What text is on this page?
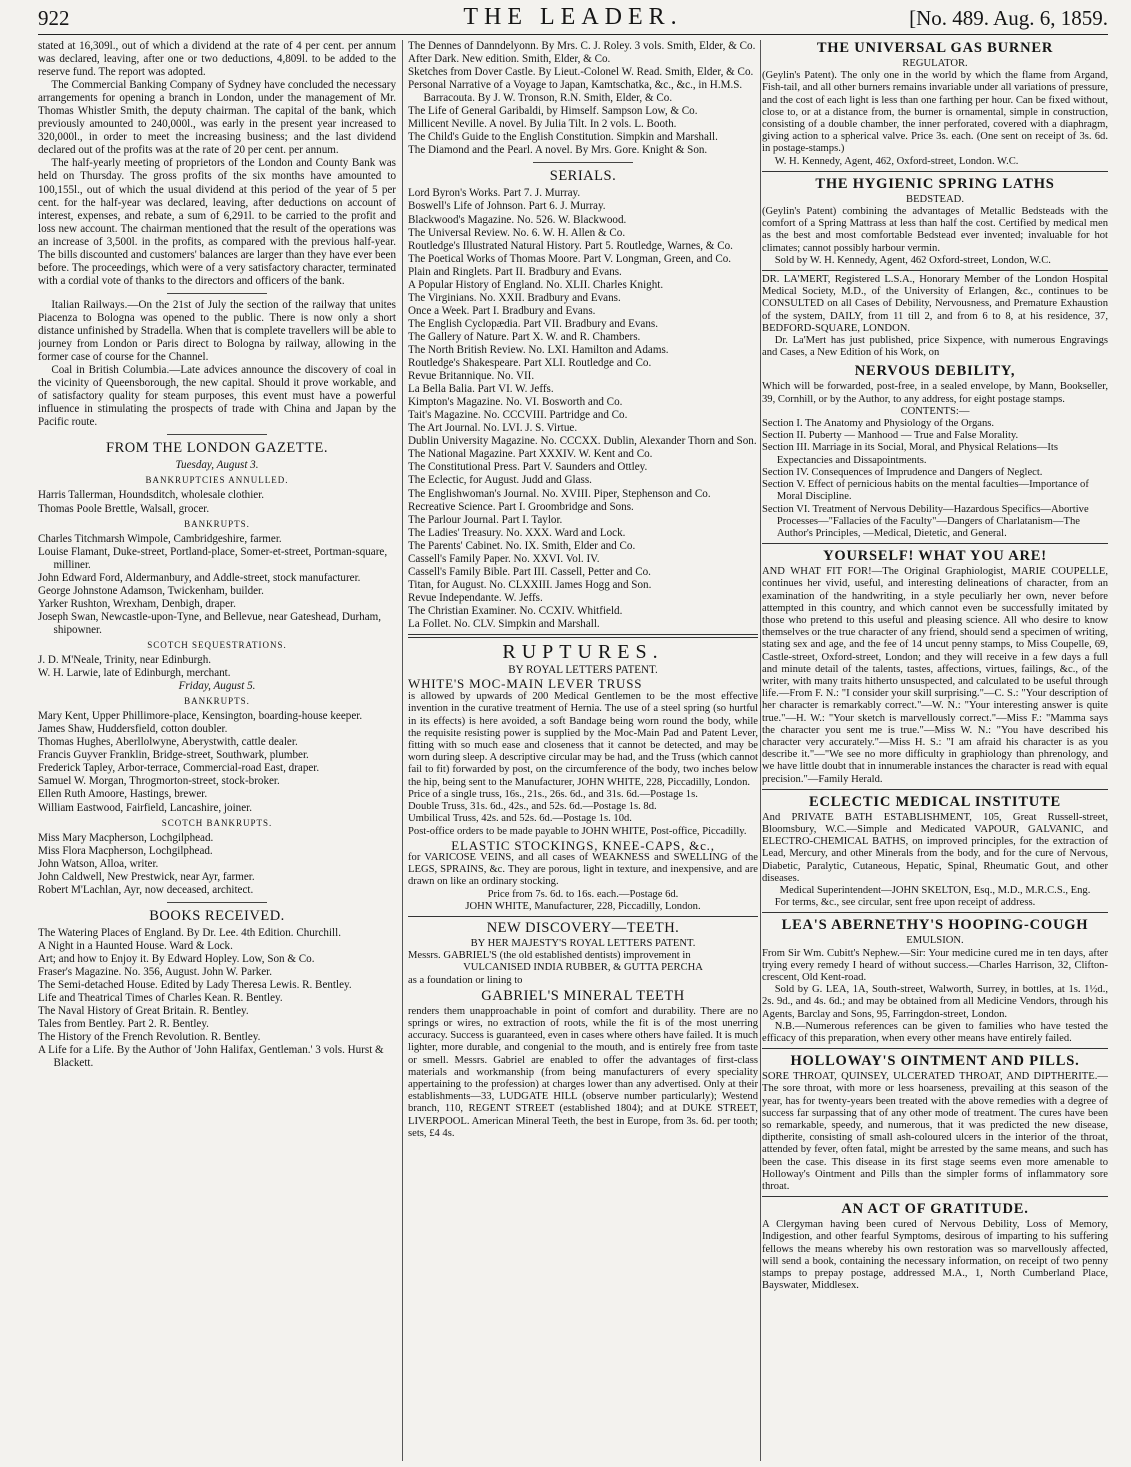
922	THE LEADER.	[No. 489. Aug. 6, 1859.

stated at 16,309l., out of which a dividend at the rate of 4 per cent. per annum was declared, leaving, after one or two deductions, 4,809l. to be added to the reserve fund. The report was adopted.

The Commercial Banking Company of Sydney have concluded the necessary arrangements for opening a branch in London, under the management of Mr. Thomas Whistler Smith, the deputy chairman. The capital of the bank, which previously amounted to 240,000l., was early in the present year increased to 320,000l., in order to meet the increasing business; and the last dividend declared out of the profits was at the rate of 20 per cent. per annum.

The half-yearly meeting of proprietors of the London and County Bank was held on Thursday. The gross profits of the six months have amounted to 100,155l., out of which the usual dividend at this period of the year of 5 per cent. for the half-year was declared, leaving, after deductions on account of interest, expenses, and rebate, a sum of 6,291l. to be carried to the profit and loss new account. The chairman mentioned that the result of the operations was an increase of 3,500l. in the profits, as compared with the previous half-year. The bills discounted and customers' balances are larger than they have ever been before. The proceedings, which were of a very satisfactory character, terminated with a cordial vote of thanks to the directors and officers of the bank.

Italian Railways.—On the 21st of July the section of the railway that unites Piacenza to Bologna was opened to the public. There is now only a short distance unfinished by Stradella. When that is complete travellers will be able to journey from London or Paris direct to Bologna by railway, allowing in the former case of course for the Channel.

Coal in British Columbia.—Late advices announce the discovery of coal in the vicinity of Queensborough, the new capital. Should it prove workable, and of satisfactory quality for steam purposes, this event must have a powerful influence in stimulating the prospects of trade with China and Japan by the Pacific route.

FROM THE LONDON GAZETTE.

Tuesday, August 3.

BANKRUPTCIES ANNULLED.

Harris Tallerman, Houndsditch, wholesale clothier.

Thomas Poole Brettle, Walsall, grocer.

BANKRUPTS.

Charles Titchmarsh Wimpole, Cambridgeshire, farmer.

Louise Flamant, Duke-street, Portland-place, Somer-et-street, Portman-square, milliner.

John Edward Ford, Aldermanbury, and Addle-street, stock manufacturer.

George Johnstone Adamson, Twickenham, builder.

Yarker Rushton, Wrexham, Denbigh, draper.

Joseph Swan, Newcastle-upon-Tyne, and Bellevue, near Gateshead, Durham, shipowner.

SCOTCH SEQUESTRATIONS.

J. D. M'Neale, Trinity, near Edinburgh.

W. H. Larwie, late of Edinburgh, merchant.

Friday, August 5.

BANKRUPTS.

Mary Kent, Upper Phillimore-place, Kensington, boarding-house keeper.

James Shaw, Huddersfield, cotton doubler.

Thomas Hughes, Aberllolwyne, Aberystwith, cattle dealer.

Francis Guyver Franklin, Bridge-street, Southwark, plumber.

Frederick Tapley, Arbor-terrace, Commercial-road East, draper.

Samuel W. Morgan, Throgmorton-street, stock-broker.

Ellen Ruth Amoore, Hastings, brewer.

William Eastwood, Fairfield, Lancashire, joiner.

SCOTCH BANKRUPTS.

Miss Mary Macpherson, Lochgilphead.

Miss Flora Macpherson, Lochgilphead.

John Watson, Alloa, writer.

John Caldwell, New Prestwick, near Ayr, farmer.

Robert M'Lachlan, Ayr, now deceased, architect.

BOOKS RECEIVED.

The Watering Places of England. By Dr. Lee. 4th Edition. Churchill.

A Night in a Haunted House. Ward & Lock.

Art; and how to Enjoy it. By Edward Hopley. Low, Son & Co.

Fraser's Magazine. No. 356, August. John W. Parker.

The Semi-detached House. Edited by Lady Theresa Lewis. R. Bentley.

Life and Theatrical Times of Charles Kean. R. Bentley.

The Naval History of Great Britain. R. Bentley.

Tales from Bentley. Part 2. R. Bentley.

The History of the French Revolution. R. Bentley.

A Life for a Life. By the Author of 'John Halifax, Gentleman.' 3 vols. Hurst & Blackett.

The Dennes of Danndelyonn. By Mrs. C. J. Roley. 3 vols. Smith, Elder, & Co.

After Dark. New edition. Smith, Elder, & Co.

Sketches from Dover Castle. By Lieut.-Colonel W. Read. Smith, Elder, & Co.

Personal Narrative of a Voyage to Japan, Kamtschatka, &c., &c., in H.M.S. Barracouta. By J. W. Tronson, R.N. Smith, Elder, & Co.

The Life of General Garibaldi, by Himself. Sampson Low, & Co.

Millicent Neville. A novel. By Julia Tilt. In 2 vols. L. Booth.

The Child's Guide to the English Constitution. Simpkin and Marshall.

The Diamond and the Pearl. A novel. By Mrs. Gore. Knight & Son.

SERIALS.

Lord Byron's Works. Part 7. J. Murray.

Boswell's Life of Johnson. Part 6. J. Murray.

Blackwood's Magazine. No. 526. W. Blackwood.

The Universal Review. No. 6. W. H. Allen & Co.

Routledge's Illustrated Natural History. Part 5. Routledge, Warnes, & Co.

The Poetical Works of Thomas Moore. Part V. Longman, Green, and Co.

Plain and Ringlets. Part II. Bradbury and Evans.

A Popular History of England. No. XLII. Charles Knight.

The Virginians. No. XXII. Bradbury and Evans.

Once a Week. Part I. Bradbury and Evans.

The English Cyclopædia. Part VII. Bradbury and Evans.

The Gallery of Nature. Part X. W. and R. Chambers.

The North British Review. No. LXI. Hamilton and Adams.

Routledge's Shakespeare. Part XLI. Routledge and Co.

Revue Britannique. No. VII.

La Bella Balia. Part VI. W. Jeffs.

Kimpton's Magazine. No. VI. Bosworth and Co.

Tait's Magazine. No. CCCVIII. Partridge and Co.

The Art Journal. No. LVI. J. S. Virtue.

Dublin University Magazine. No. CCCXX. Dublin, Alexander Thorn and Son.

The National Magazine. Part XXXIV. W. Kent and Co.

The Constitutional Press. Part V. Saunders and Ottley.

The Eclectic, for August. Judd and Glass.

The Englishwoman's Journal. No. XVIII. Piper, Stephenson and Co.

Recreative Science. Part I. Groombridge and Sons.

The Parlour Journal. Part I. Taylor.

The Ladies' Treasury. No. XXX. Ward and Lock.

The Parents' Cabinet. No. IX. Smith, Elder and Co.

Cassell's Family Paper. No. XXVI. Vol. IV.

Cassell's Family Bible. Part III. Cassell, Petter and Co.

Titan, for August. No. CLXXIII. James Hogg and Son.

Revue Independante. W. Jeffs.

The Christian Examiner. No. CCXIV. Whitfield.

La Follet. No. CLV. Simpkin and Marshall.

RUPTURES.

BY ROYAL LETTERS PATENT.

WHITE'S MOC-MAIN LEVER TRUSS

is allowed by upwards of 200 Medical Gentlemen to be the most effective invention in the curative treatment of Hernia. The use of a steel spring (so hurtful in its effects) is here avoided, a soft Bandage being worn round the body, while the requisite resisting power is supplied by the Moc-Main Pad and Patent Lever, fitting with so much ease and closeness that it cannot be detected, and may be worn during sleep. A descriptive circular may be had, and the Truss (which cannot fail to fit) forwarded by post, on the circumference of the body, two inches below the hip, being sent to the Manufacturer, JOHN WHITE, 228, Piccadilly, London.

Price of a single truss, 16s., 21s., 26s. 6d., and 31s. 6d.—Postage 1s.

Double Truss, 31s. 6d., 42s., and 52s. 6d.—Postage 1s. 8d.

Umbilical Truss, 42s. and 52s. 6d.—Postage 1s. 10d.

Post-office orders to be made payable to JOHN WHITE, Post-office, Piccadilly.

ELASTIC STOCKINGS, KNEE-CAPS, &c.,

for VARICOSE VEINS, and all cases of WEAKNESS and SWELLING of the LEGS, SPRAINS, &c. They are porous, light in texture, and inexpensive, and are drawn on like an ordinary stocking.

Price from 7s. 6d. to 16s. each.—Postage 6d.

JOHN WHITE, Manufacturer, 228, Piccadilly, London.

NEW DISCOVERY—TEETH.

BY HER MAJESTY'S ROYAL LETTERS PATENT.

Messrs. GABRIEL'S (the old established dentists) improvement in

VULCANISED INDIA RUBBER, & GUTTA PERCHA

as a foundation or lining to

GABRIEL'S MINERAL TEETH

renders them unapproachable in point of comfort and durability. There are no springs or wires, no extraction of roots, while the fit is of the most unerring accuracy. Success is guaranteed, even in cases where others have failed. It is much lighter, more durable, and congenial to the mouth, and is entirely free from taste or smell. Messrs. Gabriel are enabled to offer the advantages of first-class materials and workmanship (from being manufacturers of every speciality appertaining to the profession) at charges lower than any advertised. Only at their establishments—33, LUDGATE HILL (observe number particularly); Westend branch, 110, REGENT STREET (established 1804); and at DUKE STREET, LIVERPOOL. American Mineral Teeth, the best in Europe, from 3s. 6d. per tooth; sets, £4 4s.

THE UNIVERSAL GAS BURNER

REGULATOR.

(Geylin's Patent). The only one in the world by which the flame from Argand, Fish-tail, and all other burners remains invariable under all variations of pressure, and the cost of each light is less than one farthing per hour. Can be fixed without, close to, or at a distance from, the burner is ornamental, simple in construction, consisting of a double chamber, the inner perforated, covered with a diaphragm, giving action to a spherical valve. Price 3s. each. (One sent on receipt of 3s. 6d. in postage-stamps.)

W. H. Kennedy, Agent, 462, Oxford-street, London. W.C.

THE HYGIENIC SPRING LATHS

BEDSTEAD.

(Geylin's Patent) combining the advantages of Metallic Bedsteads with the comfort of a Spring Mattrass at less than half the cost. Certified by medical men as the best and most comfortable Bedstead ever invented; invaluable for hot climates; cannot possibly harbour vermin.

Sold by W. H. Kennedy, Agent, 462 Oxford-street, London, W.C.

DR. LA'MERT, Registered L.S.A., Honorary Member of the London Hospital Medical Society, M.D., of the University of Erlangen, &c., continues to be CONSULTED on all Cases of Debility, Nervousness, and Premature Exhaustion of the system, DAILY, from 11 till 2, and from 6 to 8, at his residence, 37, BEDFORD-SQUARE, LONDON.

Dr. La'Mert has just published, price Sixpence, with numerous Engravings and Cases, a New Edition of his Work, on

NERVOUS DEBILITY,

Which will be forwarded, post-free, in a sealed envelope, by Mann, Bookseller, 39, Cornhill, or by the Author, to any address, for eight postage stamps.

CONTENTS:—

Section I. The Anatomy and Physiology of the Organs.

Section II. Puberty — Manhood — True and False Morality.

Section III. Marriage in its Social, Moral, and Physical Relations—Its Expectancies and Dissapointments.

Section IV. Consequences of Imprudence and Dangers of Neglect.

Section V. Effect of pernicious habits on the mental faculties—Importance of Moral Discipline.

Section VI. Treatment of Nervous Debility—Hazardous Specifics—Abortive Processes—"Fallacies of the Faculty"—Dangers of Charlatanism—The Author's Principles, —Medical, Dietetic, and General.

YOURSELF! WHAT YOU ARE!

AND WHAT FIT FOR!—The Original Graphiologist, MARIE COUPELLE, continues her vivid, useful, and interesting delineations of character, from an examination of the handwriting, in a style peculiarly her own, never before attempted in this country, and which cannot even be successfully imitated by those who pretend to this useful and pleasing science. All who desire to know themselves or the true character of any friend, should send a specimen of writing, stating sex and age, and the fee of 14 uncut penny stamps, to Miss Coupelle, 69, Castle-street, Oxford-street, London; and they will receive in a few days a full and minute detail of the talents, tastes, affections, virtues, failings, &c., of the writer, with many traits hitherto unsuspected, and calculated to be useful through life.—From F. N.: "I consider your skill surprising."—C. S.: "Your description of her character is remarkably correct."—W. N.: "Your interesting answer is quite true."—H. W.: "Your sketch is marvellously correct."—Miss F.: "Mamma says the character you sent me is true."—Miss W. N.: "You have described his character very accurately."—Miss H. S.: "I am afraid his character is as you describe it."—"We see no more difficulty in graphiology than phrenology, and we have little doubt that in innumerable instances the character is read with equal precision."—Family Herald.

ECLECTIC MEDICAL INSTITUTE

And PRIVATE BATH ESTABLISHMENT, 105, Great Russell-street, Bloomsbury, W.C.—Simple and Medicated VAPOUR, GALVANIC, and ELECTRO-CHEMICAL BATHS, on improved principles, for the extraction of Lead, Mercury, and other Minerals from the body, and for the cure of Nervous, Diabetic, Paralytic, Cutaneous, Hepatic, Spinal, Rheumatic Gout, and other diseases.

Medical Superintendent—JOHN SKELTON, Esq., M.D., M.R.C.S., Eng.

For terms, &c., see circular, sent free upon receipt of address.

LEA'S ABERNETHY'S HOOPING-COUGH

EMULSION.

From Sir Wm. Cubitt's Nephew.—Sir: Your medicine cured me in ten days, after trying every remedy I heard of without success.—Charles Harrison, 32, Clifton-crescent, Old Kent-road.

Sold by G. LEA, 1A, South-street, Walworth, Surrey, in bottles, at 1s. 1½d., 2s. 9d., and 4s. 6d.; and may be obtained from all Medicine Vendors, through his Agents, Barclay and Sons, 95, Farringdon-street, London.

N.B.—Numerous references can be given to families who have tested the efficacy of this preparation, when every other means have entirely failed.

HOLLOWAY'S OINTMENT AND PILLS.

SORE THROAT, QUINSEY, ULCERATED THROAT, AND DIPTHERITE.—The sore throat, with more or less hoarseness, prevailing at this season of the year, has for twenty-years been treated with the above remedies with a degree of success far surpassing that of any other mode of treatment. The cures have been so remarkable, speedy, and numerous, that it was predicted the new disease, diptherite, consisting of small ash-coloured ulcers in the interior of the throat, attended by fever, often fatal, might be arrested by the same means, and such has been the case. This disease in its first stage seems even more amenable to Holloway's Ointment and Pills than the simpler forms of inflammatory sore throat.

AN ACT OF GRATITUDE.

A Clergyman having been cured of Nervous Debility, Loss of Memory, Indigestion, and other fearful Symptoms, desirous of imparting to his suffering fellows the means whereby his own restoration was so marvellously affected, will send a book, containing the necessary information, on receipt of two penny stamps to prepay postage, addressed M.A., 1, North Cumberland Place, Bayswater, Middlesex.
